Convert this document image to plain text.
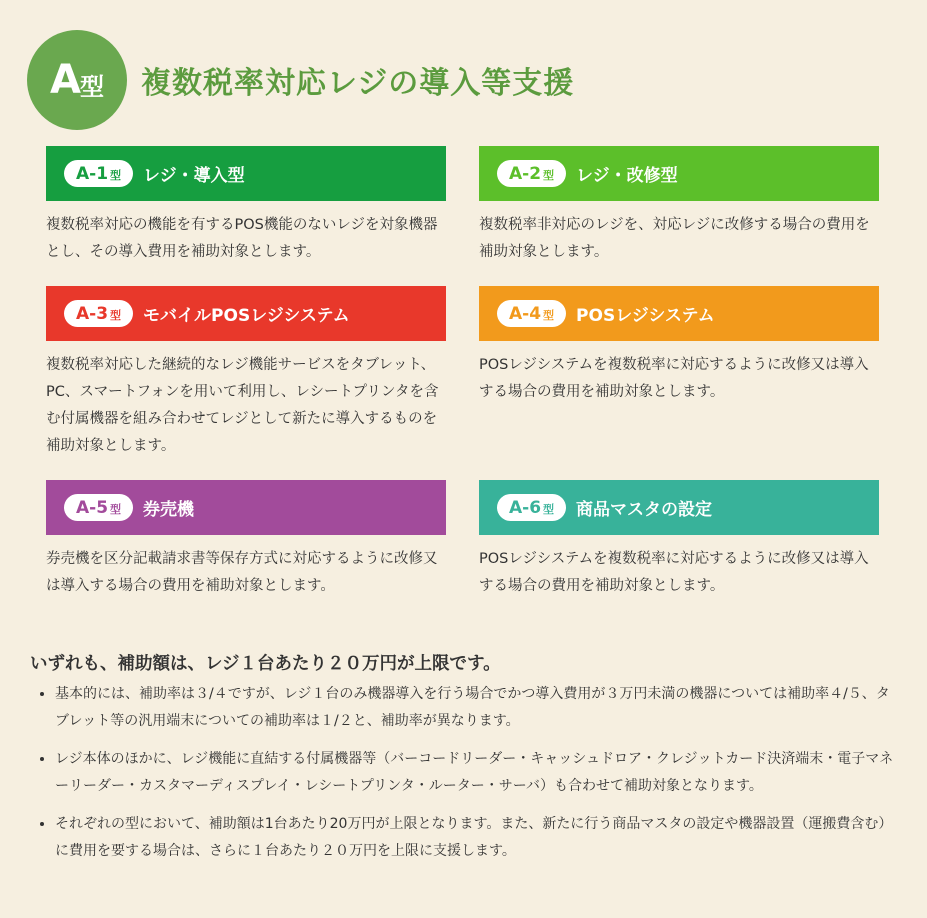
A 型 複数税率対応レジの導入等支援
A-1 型 レジ・導入型
複数税率対応の機能を有するPOS機能のないレジを対象機器とし、その導入費用を補助対象とします。
A-2 型 レジ・改修型
複数税率非対応のレジを、対応レジに改修する場合の費用を補助対象とします。
A-3 型 モバイルPOSレジシステム
複数税率対応した継続的なレジ機能サービスをタブレット、PC、スマートフォンを用いて利用し、レシートプリンタを含む付属機器を組み合わせてレジとして新たに導入するものを補助対象とします。
A-4 型 POSレジシステム
POSレジシステムを複数税率に対応するように改修又は導入する場合の費用を補助対象とします。
A-5 型 券売機
券売機を区分記載請求書等保存方式に対応するように改修又は導入する場合の費用を補助対象とします。
A-6 型 商品マスタの設定
POSレジシステムを複数税率に対応するように改修又は導入する場合の費用を補助対象とします。
いずれも、補助額は、レジ１台あたり２０万円が上限です。
• 基本的には、補助率は３/４ですが、レジ１台のみ機器導入を行う場合でかつ導入費用が３万円未満の機器については補助率４/５、タブレット等の汎用端末についての補助率は１/２と、補助率が異なります。
• レジ本体のほかに、レジ機能に直結する付属機器等（バーコードリーダー・キャッシュドロア・クレジットカード決済端末・電子マネーリーダー・カスタマーディスプレイ・レシートプリンタ・ルーター・サーバ）も合わせて補助対象となります。
• それぞれの型において、補助額は1台あたり20万円が上限となります。また、新たに行う商品マスタの設定や機器設置（運搬費含む）に費用を要する場合は、さらに１台あたり２０万円を上限に支援します。
